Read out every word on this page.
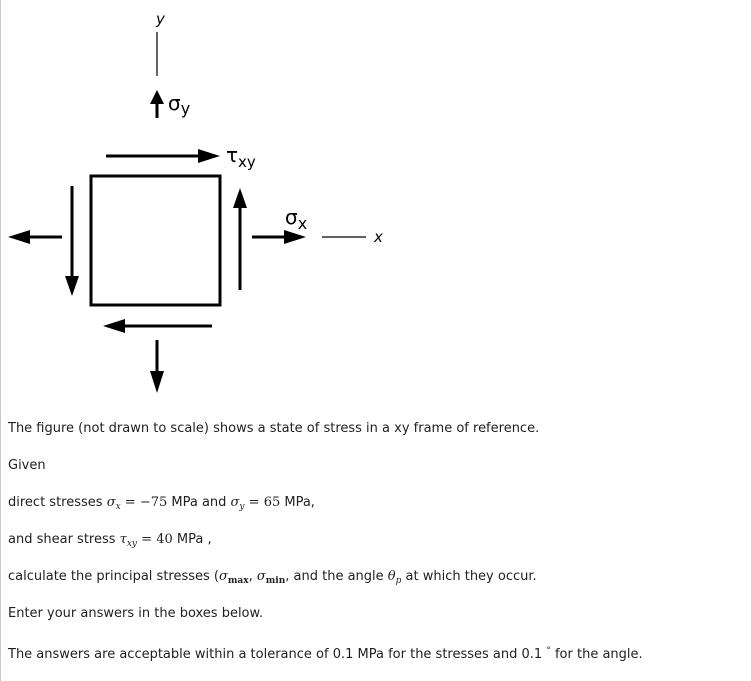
y
$\sigma_y$
$\tau_{xy}$
$\sigma_x$
x
The figure (not drawn to scale) shows a state of stress in a xy frame of reference.
Given
direct stresses $\sigma_x = -75$ MPa and $\sigma_y = 65$ MPa,
and shear stress $\tau_{xy} = 40$ MPa ,
calculate the principal stresses ($\sigma_{max}$, $\sigma_{min}$, and the angle $\theta_p$ at which they occur.
Enter your answers in the boxes below.
The answers are acceptable within a tolerance of 0.1 MPa for the stresses and 0.1 ° for the angle.
